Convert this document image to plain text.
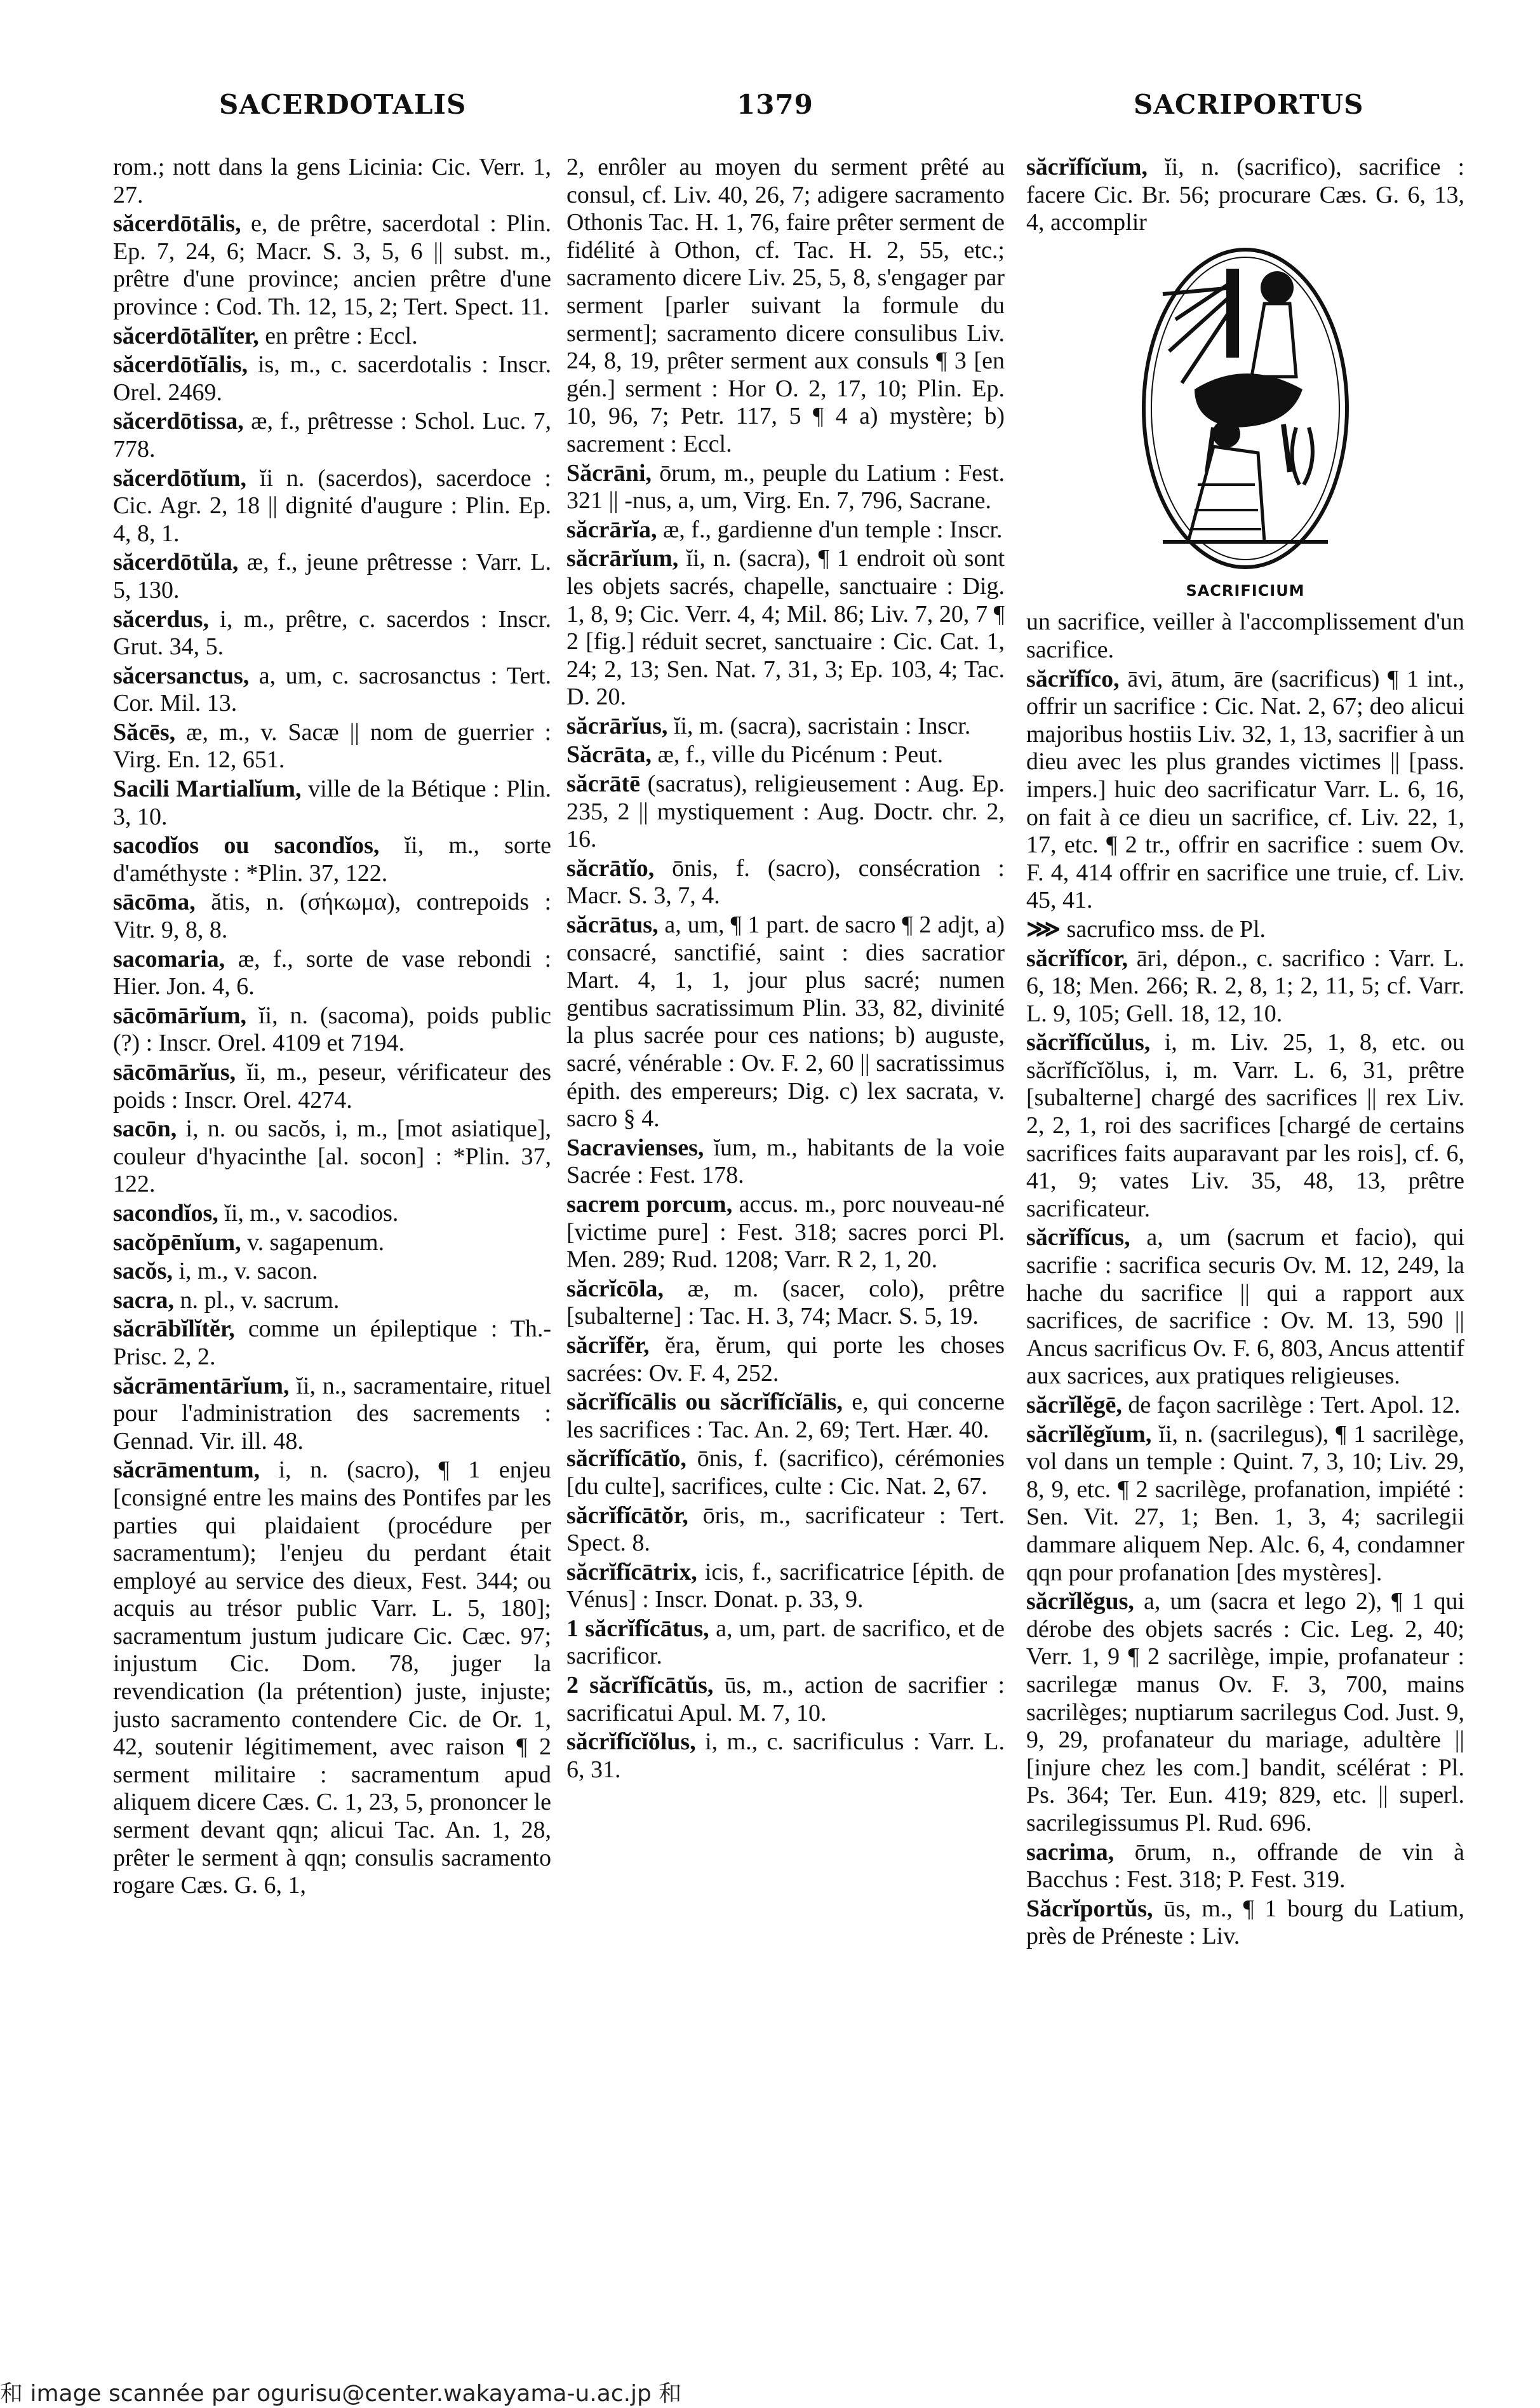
SACERDOTALIS	1379	SACRIPORTUS

rom.; nott dans la gens Licinia: Cic. Verr. 1, 27.

săcerdōtālis, e, de prêtre, sacerdotal : Plin. Ep. 7, 24, 6; Macr. S. 3, 5, 6 || subst. m., prêtre d'une province; ancien prêtre d'une province : Cod. Th. 12, 15, 2; Tert. Spect. 11.

săcerdōtālĭter, en prêtre : Eccl.

săcerdōtĭālis, is, m., c. sacerdotalis : Inscr. Orel. 2469.

săcerdōtissa, æ, f., prêtresse : Schol. Luc. 7, 778.

săcerdōtĭum, ĭi n. (sacerdos), sacerdoce : Cic. Agr. 2, 18 || dignité d'augure : Plin. Ep. 4, 8, 1.

săcerdōtŭla, æ, f., jeune prêtresse : Varr. L. 5, 130.

săcerdus, i, m., prêtre, c. sacerdos : Inscr. Grut. 34, 5.

săcersanctus, a, um, c. sacrosanctus : Tert. Cor. Mil. 13.

Săcēs, æ, m., v. Sacæ || nom de guerrier : Virg. En. 12, 651.

Sacili Martialĭum, ville de la Bétique : Plin. 3, 10.

sacodĭos ou sacondĭos, ĭi, m., sorte d'améthyste : *Plin. 37, 122.

sācōma, ătis, n. (σήκωμα), contrepoids : Vitr. 9, 8, 8.

sacomaria, æ, f., sorte de vase rebondi : Hier. Jon. 4, 6.

sācōmārĭum, ĭi, n. (sacoma), poids public (?) : Inscr. Orel. 4109 et 7194.

sācōmārĭus, ĭi, m., peseur, vérificateur des poids : Inscr. Orel. 4274.

sacōn, i, n. ou sacŏs, i, m., [mot asiatique], couleur d'hyacinthe [al. socon] : *Plin. 37, 122.

sacondĭos, ĭi, m., v. sacodios.

sacŏpēnĭum, v. sagapenum.

sacŏs, i, m., v. sacon.

sacra, n. pl., v. sacrum.

săcrābĭlĭtĕr, comme un épileptique : Th.-Prisc. 2, 2.

săcrāmentārĭum, ĭi, n., sacramentaire, rituel pour l'administration des sacrements : Gennad. Vir. ill. 48.

săcrāmentum, i, n. (sacro), ¶ 1 enjeu [consigné entre les mains des Pontifes par les parties qui plaidaient (procédure per sacramentum); l'enjeu du perdant était employé au service des dieux, Fest. 344; ou acquis au trésor public Varr. L. 5, 180]; sacramentum justum judicare Cic. Cæc. 97; injustum Cic. Dom. 78, juger la revendication (la prétention) juste, injuste; justo sacramento contendere Cic. de Or. 1, 42, soutenir légitimement, avec raison ¶ 2 serment militaire : sacramentum apud aliquem dicere Cæs. C. 1, 23, 5, prononcer le serment devant qqn; alicui Tac. An. 1, 28, prêter le serment à qqn; consulis sacramento rogare Cæs. G. 6, 1,

2, enrôler au moyen du serment prêté au consul, cf. Liv. 40, 26, 7; adigere sacramento Othonis Tac. H. 1, 76, faire prêter serment de fidélité à Othon, cf. Tac. H. 2, 55, etc.; sacramento dicere Liv. 25, 5, 8, s'engager par serment [parler suivant la formule du serment]; sacramento dicere consulibus Liv. 24, 8, 19, prêter serment aux consuls ¶ 3 [en gén.] serment : Hor O. 2, 17, 10; Plin. Ep. 10, 96, 7; Petr. 117, 5 ¶ 4 a) mystère; b) sacrement : Eccl.

Săcrāni, ōrum, m., peuple du Latium : Fest. 321 || -nus, a, um, Virg. En. 7, 796, Sacrane.

săcrārĭa, æ, f., gardienne d'un temple : Inscr.

săcrārĭum, ĭi, n. (sacra), ¶ 1 endroit où sont les objets sacrés, chapelle, sanctuaire : Dig. 1, 8, 9; Cic. Verr. 4, 4; Mil. 86; Liv. 7, 20, 7 ¶ 2 [fig.] réduit secret, sanctuaire : Cic. Cat. 1, 24; 2, 13; Sen. Nat. 7, 31, 3; Ep. 103, 4; Tac. D. 20.

săcrārĭus, ĭi, m. (sacra), sacristain : Inscr.

Săcrāta, æ, f., ville du Picénum : Peut.

săcrātē (sacratus), religieusement : Aug. Ep. 235, 2 || mystiquement : Aug. Doctr. chr. 2, 16.

săcrātĭo, ōnis, f. (sacro), consécration : Macr. S. 3, 7, 4.

săcrātus, a, um, ¶ 1 part. de sacro ¶ 2 adjt, a) consacré, sanctifié, saint : dies sacratior Mart. 4, 1, 1, jour plus sacré; numen gentibus sacratissimum Plin. 33, 82, divinité la plus sacrée pour ces nations; b) auguste, sacré, vénérable : Ov. F. 2, 60 || sacratissimus épith. des empereurs; Dig. c) lex sacrata, v. sacro § 4.

Sacravienses, ĭum, m., habitants de la voie Sacrée : Fest. 178.

sacrem porcum, accus. m., porc nouveau-né [victime pure] : Fest. 318; sacres porci Pl. Men. 289; Rud. 1208; Varr. R 2, 1, 20.

săcrĭcōla, æ, m. (sacer, colo), prêtre [subalterne] : Tac. H. 3, 74; Macr. S. 5, 19.

săcrĭfĕr, ĕra, ĕrum, qui porte les choses sacrées: Ov. F. 4, 252.

săcrĭfĭcālis ou săcrĭfĭcĭālis, e, qui concerne les sacrifices : Tac. An. 2, 69; Tert. Hær. 40.

săcrĭfĭcātĭo, ōnis, f. (sacrifico), cérémonies [du culte], sacrifices, culte : Cic. Nat. 2, 67.

săcrĭfĭcātŏr, ōris, m., sacrificateur : Tert. Spect. 8.

săcrĭfĭcātrix, icis, f., sacrificatrice [épith. de Vénus] : Inscr. Donat. p. 33, 9.

1 săcrĭfĭcātus, a, um, part. de sacrifico, et de sacrificor.

2 săcrĭfĭcātŭs, ūs, m., action de sacrifier : sacrificatui Apul. M. 7, 10.

săcrĭfĭcĭŏlus, i, m., c. sacrificulus : Varr. L. 6, 31.

săcrĭfĭcĭum, ĭi, n. (sacrifico), sacrifice : facere Cic. Br. 56; procurare Cæs. G. 6, 13, 4, accomplir

SACRIFICIUM

un sacrifice, veiller à l'accomplissement d'un sacrifice.

săcrĭfĭco, āvi, ātum, āre (sacrificus) ¶ 1 int., offrir un sacrifice : Cic. Nat. 2, 67; deo alicui majoribus hostiis Liv. 32, 1, 13, sacrifier à un dieu avec les plus grandes victimes || [pass. impers.] huic deo sacrificatur Varr. L. 6, 16, on fait à ce dieu un sacrifice, cf. Liv. 22, 1, 17, etc. ¶ 2 tr., offrir en sacrifice : suem Ov. F. 4, 414 offrir en sacrifice une truie, cf. Liv. 45, 41.

⋙ sacrufico mss. de Pl.

săcrĭfĭcor, āri, dépon., c. sacrifico : Varr. L. 6, 18; Men. 266; R. 2, 8, 1; 2, 11, 5; cf. Varr. L. 9, 105; Gell. 18, 12, 10.

săcrĭfĭcŭlus, i, m. Liv. 25, 1, 8, etc. ou săcrĭfĭcĭŏlus, i, m. Varr. L. 6, 31, prêtre [subalterne] chargé des sacrifices || rex Liv. 2, 2, 1, roi des sacrifices [chargé de certains sacrifices faits auparavant par les rois], cf. 6, 41, 9; vates Liv. 35, 48, 13, prêtre sacrificateur.

săcrĭfĭcus, a, um (sacrum et facio), qui sacrifie : sacrifica securis Ov. M. 12, 249, la hache du sacrifice || qui a rapport aux sacrifices, de sacrifice : Ov. M. 13, 590 || Ancus sacrificus Ov. F. 6, 803, Ancus attentif aux sacrices, aux pratiques religieuses.

săcrĭlĕgē, de façon sacrilège : Tert. Apol. 12.

săcrĭlĕgĭum, ĭi, n. (sacrilegus), ¶ 1 sacrilège, vol dans un temple : Quint. 7, 3, 10; Liv. 29, 8, 9, etc. ¶ 2 sacrilège, profanation, impiété : Sen. Vit. 27, 1; Ben. 1, 3, 4; sacrilegii dammare aliquem Nep. Alc. 6, 4, condamner qqn pour profanation [des mystères].

săcrĭlĕgus, a, um (sacra et lego 2), ¶ 1 qui dérobe des objets sacrés : Cic. Leg. 2, 40; Verr. 1, 9 ¶ 2 sacrilège, impie, profanateur : sacrilegæ manus Ov. F. 3, 700, mains sacrilèges; nuptiarum sacrilegus Cod. Just. 9, 9, 29, profanateur du mariage, adultère || [injure chez les com.] bandit, scélérat : Pl. Ps. 364; Ter. Eun. 419; 829, etc. || superl. sacrilegissumus Pl. Rud. 696.

sacrima, ōrum, n., offrande de vin à Bacchus : Fest. 318; P. Fest. 319.

Săcrĭportŭs, ūs, m., ¶ 1 bourg du Latium, près de Préneste : Liv.

和 image scannée par ogurisu@center.wakayama-u.ac.jp 和
